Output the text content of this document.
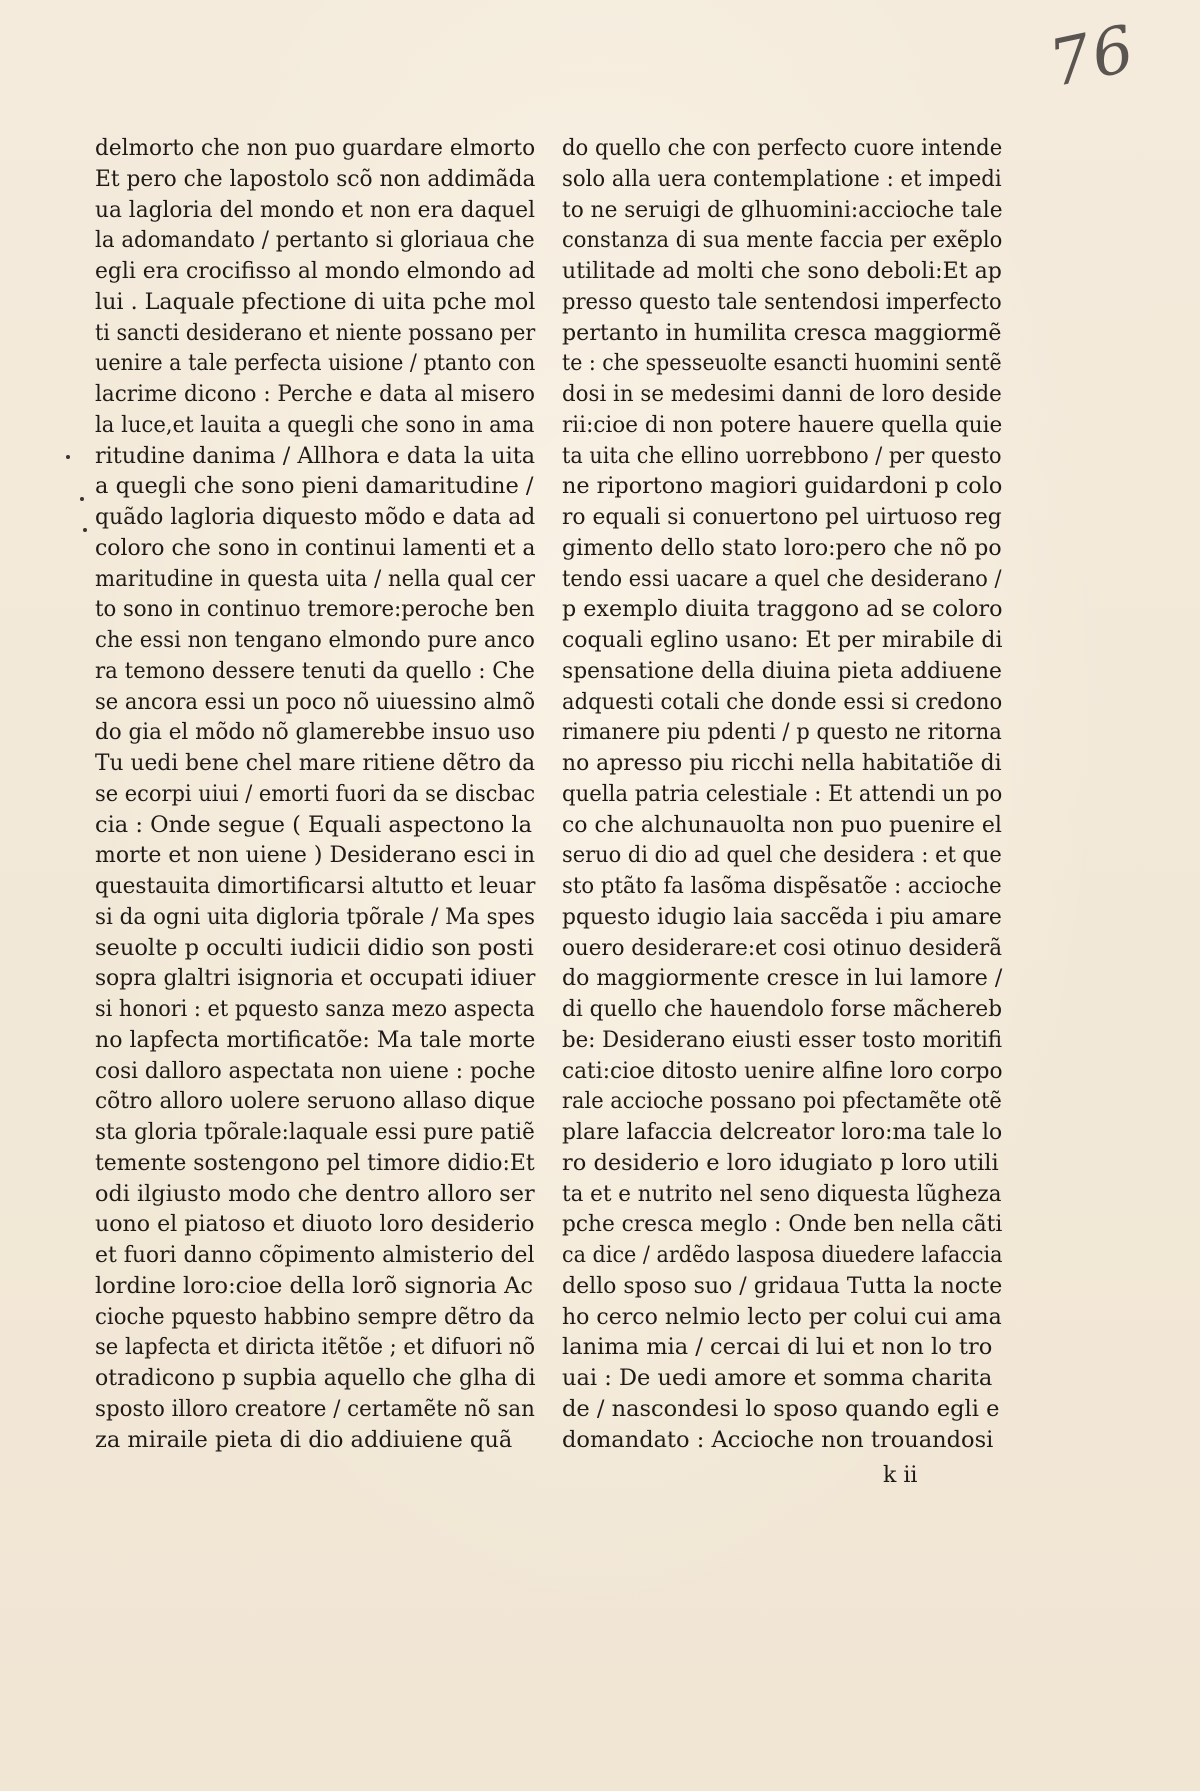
76
delmorto che non puo guardare elmorto
Et pero che lapostolo scõ non addimãda
ua lagloria del mondo et non era daquel
la adomandato / pertanto si gloriaua che
egli era crocifisso al mondo elmondo ad
lui . Laquale pfectione di uita pche mol
ti sancti desiderano et niente possano per
uenire a tale perfecta uisione / ptanto con
lacrime dicono : Perche e data al misero
la luce,et lauita a quegli che sono in ama
ritudine danima / Allhora e data la uita
a quegli che sono pieni damaritudine /
quãdo lagloria diquesto mõdo e data ad
coloro che sono in continui lamenti et a
maritudine in questa uita / nella qual cer
to sono in continuo tremore:peroche ben
che essi non tengano elmondo pure anco
ra temono dessere tenuti da quello : Che
se ancora essi un poco nõ uiuessino almõ
do gia el mõdo nõ glamerebbe insuo uso
Tu uedi bene chel mare ritiene dẽtro da
se ecorpi uiui / emorti fuori da se discbac
cia : Onde segue ( Equali aspectono la
morte et non uiene ) Desiderano esci in
questauita dimortificarsi altutto et leuar
si da ogni uita digloria tpõrale / Ma spes
seuolte p occulti iudicii didio son posti
sopra glaltri isignoria et occupati idiuer
si honori : et pquesto sanza mezo aspecta
no lapfecta mortificatõe: Ma tale morte
cosi dalloro aspectata non uiene : poche
cõtro alloro uolere seruono allaso dique
sta gloria tpõrale:laquale essi pure patiẽ
temente sostengono pel timore didio:Et
odi ilgiusto modo che dentro alloro ser
uono el piatoso et diuoto loro desiderio
et fuori danno cõpimento almisterio del
lordine loro:cioe della lorõ signoria Ac
cioche pquesto habbino sempre dẽtro da
se lapfecta et diricta itẽtõe ; et difuori nõ
otradicono p supbia aquello che glha di
sposto illoro creatore / certamẽte nõ san
za miraile pieta di dio addiuiene quã
do quello che con perfecto cuore intende
solo alla uera contemplatione : et impedi
to ne seruigi de glhuomini:accioche tale
constanza di sua mente faccia per exẽplo
utilitade ad molti che sono deboli:Et ap
presso questo tale sentendosi imperfecto
pertanto in humilita cresca maggiormẽ
te : che spesseuolte esancti huomini sentẽ
dosi in se medesimi danni de loro deside
rii:cioe di non potere hauere quella quie
ta uita che ellino uorrebbono / per questo
ne riportono magiori guidardoni p colo
ro equali si conuertono pel uirtuoso reg
gimento dello stato loro:pero che nõ po
tendo essi uacare a quel che desiderano /
p exemplo diuita traggono ad se coloro
coquali eglino usano: Et per mirabile di
spensatione della diuina pieta addiuene
adquesti cotali che donde essi si credono
rimanere piu pdenti / p questo ne ritorna
no apresso piu ricchi nella habitatiõe di
quella patria celestiale : Et attendi un po
co che alchunauolta non puo puenire el
seruo di dio ad quel che desidera : et que
sto ptãto fa lasõma dispẽsatõe : accioche
pquesto idugio laia saccẽda i piu amare
ouero desiderare:et cosi otinuo desiderã
do maggiormente cresce in lui lamore /
di quello che hauendolo forse mãchereb
be: Desiderano eiusti esser tosto moritifi
cati:cioe ditosto uenire alfine loro corpo
rale accioche possano poi pfectamẽte otẽ
plare lafaccia delcreator loro:ma tale lo
ro desiderio e loro idugiato p loro utili
ta et e nutrito nel seno diquesta lũgheza
pche cresca meglo : Onde ben nella cãti
ca dice / ardẽdo lasposa diuedere lafaccia
dello sposo suo / gridaua Tutta la nocte
ho cerco nelmio lecto per colui cui ama
lanima mia / cercai di lui et non lo tro
uai : De uedi amore et somma charita
de / nascondesi lo sposo quando egli e
domandato : Accioche non trouandosi
k ii
